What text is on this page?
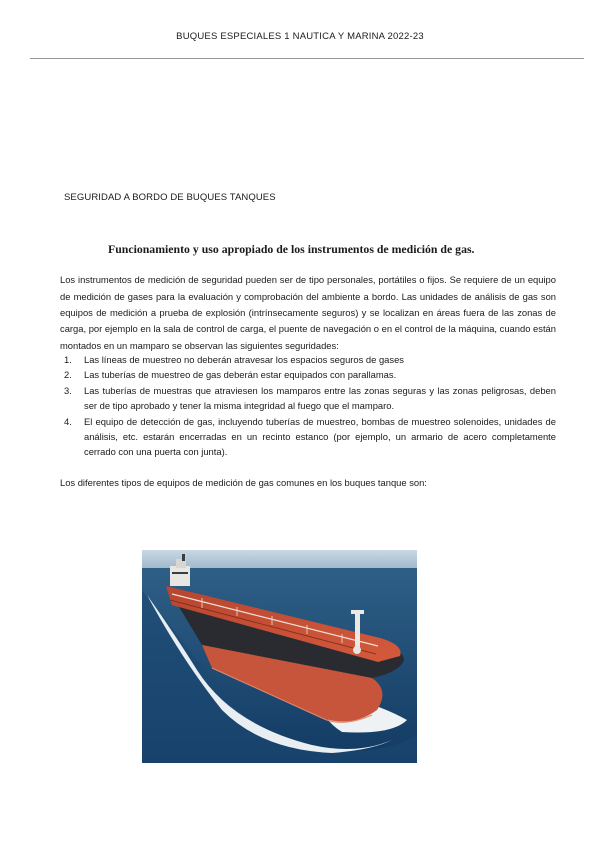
BUQUES ESPECIALES 1 NAUTICA Y MARINA 2022-23
SEGURIDAD A BORDO DE BUQUES TANQUES
Funcionamiento y uso apropiado de los instrumentos de medición de gas.

Los instrumentos de medición de seguridad pueden ser de tipo personales, portátiles o fijos. Se requiere de un equipo de medición de gases para la evaluación y comprobación del ambiente a bordo. Las unidades de análisis de gas son equipos de medición a prueba de explosión (intrínsecamente seguros) y se localizan en áreas fuera de las zonas de carga, por ejemplo en la sala de control de carga, el puente de navegación o en el control de la máquina, cuando están montados en un mamparo se observan las siguientes seguridades:

1. Las líneas de muestreo no deberán atravesar los espacios seguros de gases
2. Las tuberías de muestreo de gas deberán estar equipados con parallamas.
3. Las tuberías de muestras que atraviesen los mamparos entre las zonas seguras y las zonas peligrosas, deben ser de tipo aprobado y tener la misma integridad al fuego que el mamparo.
4. El equipo de detección de gas, incluyendo tuberías de muestreo, bombas de muestreo solenoides, unidades de análisis, etc. estarán encerradas en un recinto estanco (por ejemplo, un armario de acero completamente cerrado con una puerta con junta).
Los diferentes tipos de equipos de medición de gas comunes en los buques tanque son:
